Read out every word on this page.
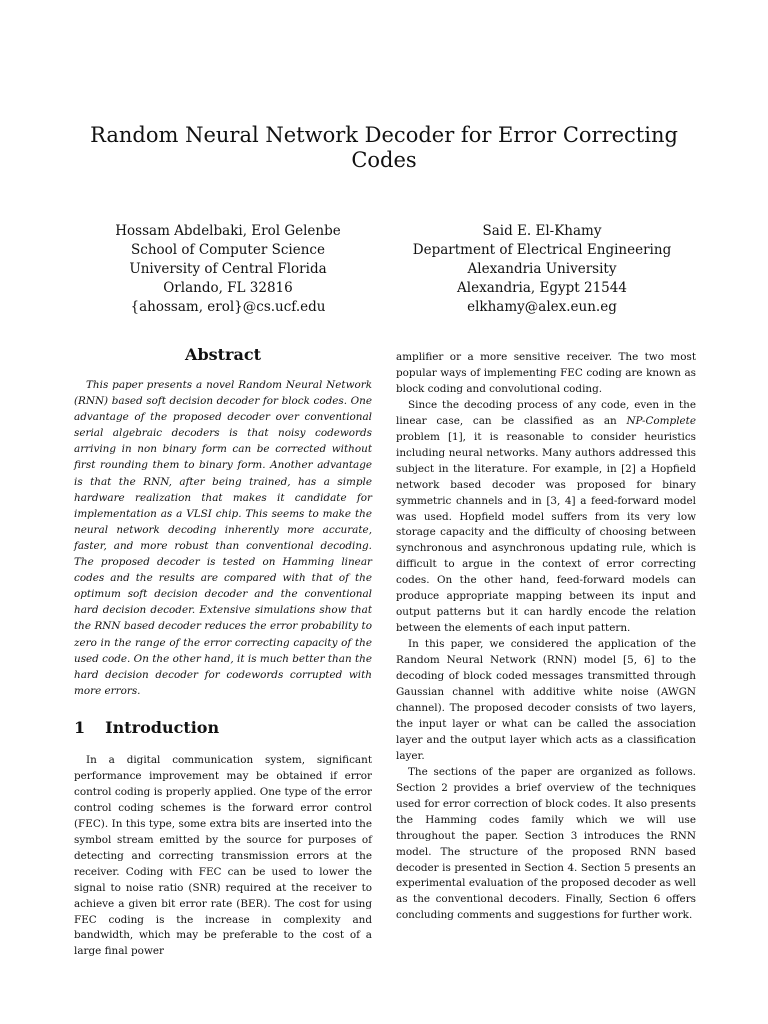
Random Neural Network Decoder for Error Correcting Codes
Hossam Abdelbaki, Erol Gelenbe
School of Computer Science
University of Central Florida
Orlando, FL 32816
{ahossam, erol}@cs.ucf.edu
Said E. El-Khamy
Department of Electrical Engineering
Alexandria University
Alexandria, Egypt 21544
elkhamy@alex.eun.eg
Abstract

This paper presents a novel Random Neural Network (RNN) based soft decision decoder for block codes. One advantage of the proposed decoder over conventional serial algebraic decoders is that noisy codewords arriving in non binary form can be corrected without first rounding them to binary form. Another advantage is that the RNN, after being trained, has a simple hardware realization that makes it candidate for implementation as a VLSI chip. This seems to make the neural network decoding inherently more accurate, faster, and more robust than conventional decoding. The proposed decoder is tested on Hamming linear codes and the results are compared with that of the optimum soft decision decoder and the conventional hard decision decoder. Extensive simulations show that the RNN based decoder reduces the error probability to zero in the range of the error correcting capacity of the used code. On the other hand, it is much better than the hard decision decoder for codewords corrupted with more errors.

1 Introduction

In a digital communication system, significant performance improvement may be obtained if error control coding is properly applied. One type of the error control coding schemes is the forward error control (FEC). In this type, some extra bits are inserted into the symbol stream emitted by the source for purposes of detecting and correcting transmission errors at the receiver. Coding with FEC can be used to lower the signal to noise ratio (SNR) required at the receiver to achieve a given bit error rate (BER). The cost for using FEC coding is the increase in complexity and bandwidth, which may be preferable to the cost of a large final power

amplifier or a more sensitive receiver. The two most popular ways of implementing FEC coding are known as block coding and convolutional coding.

Since the decoding process of any code, even in the linear case, can be classified as an NP-Complete problem [1], it is reasonable to consider heuristics including neural networks. Many authors addressed this subject in the literature. For example, in [2] a Hopfield network based decoder was proposed for binary symmetric channels and in [3, 4] a feed-forward model was used. Hopfield model suffers from its very low storage capacity and the difficulty of choosing between synchronous and asynchronous updating rule, which is difficult to argue in the context of error correcting codes. On the other hand, feed-forward models can produce appropriate mapping between its input and output patterns but it can hardly encode the relation between the elements of each input pattern.

In this paper, we considered the application of the Random Neural Network (RNN) model [5, 6] to the decoding of block coded messages transmitted through Gaussian channel with additive white noise (AWGN channel). The proposed decoder consists of two layers, the input layer or what can be called the association layer and the output layer which acts as a classification layer.

The sections of the paper are organized as follows. Section 2 provides a brief overview of the techniques used for error correction of block codes. It also presents the Hamming codes family which we will use throughout the paper. Section 3 introduces the RNN model. The structure of the proposed RNN based decoder is presented in Section 4. Section 5 presents an experimental evaluation of the proposed decoder as well as the conventional decoders. Finally, Section 6 offers concluding comments and suggestions for further work.
